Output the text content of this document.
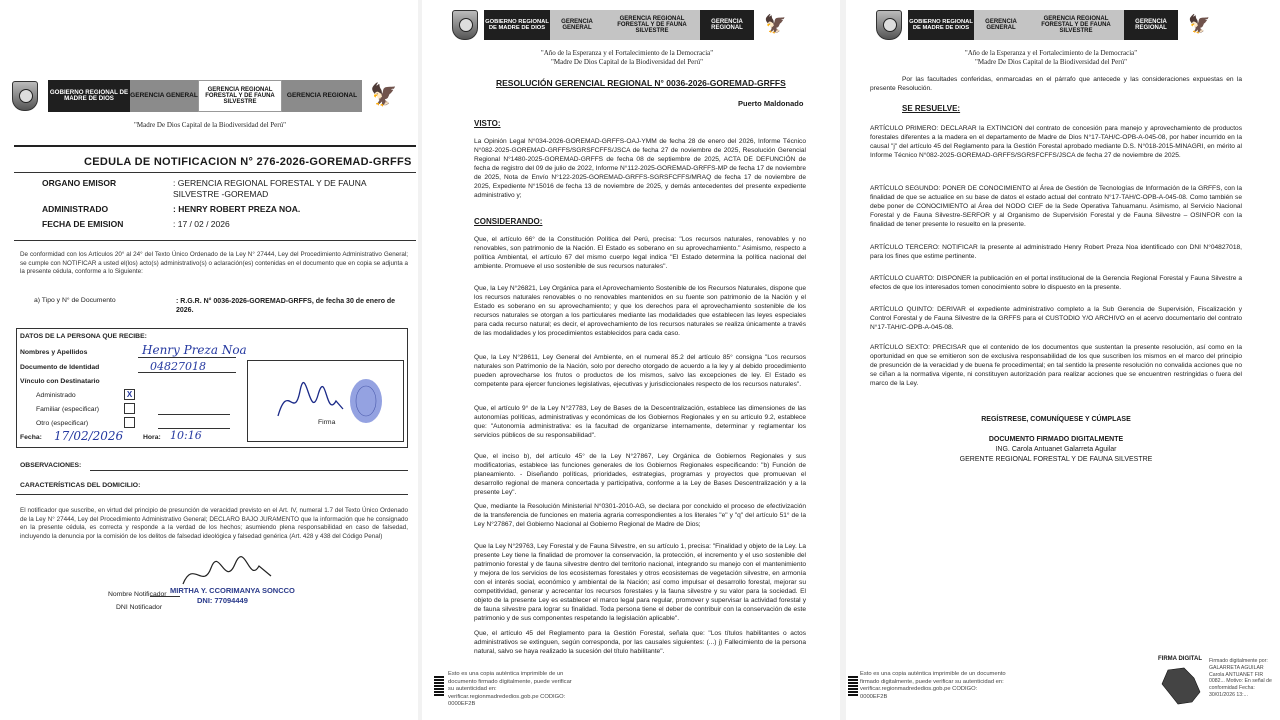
GOBIERNO REGIONAL DE MADRE DE DIOS	GERENCIA GENERAL
GERENCIA REGIONAL FORESTAL Y DE FAUNA SILVESTRE
GERENCIA REGIONAL 🦅
"Madre De Dios Capital de la Biodiversidad del Perú"
CEDULA DE NOTIFICACION N° 276-2026-GOREMAD-GRFFS
ORGANO EMISOR	: GERENCIA REGIONAL FORESTAL Y DE FAUNA SILVESTRE -GOREMAD
ADMINISTRADO	: HENRY ROBERT PREZA NOA.
FECHA DE EMISION	: 17 / 02 / 2026
De conformidad con los Artículos 20° al 24° del Texto Único Ordenado de la Ley N° 27444, Ley del Procedimiento Administrativo General; se cumple con NOTIFICAR a usted el(los) acto(s) administrativo(s) o aclaración(es) contenidas en el documento que en copia se adjunta a la presente cédula, conforme a lo Siguiente:
a) Tipo y N° de Documento	: R.G.R. N° 0036-2026-GOREMAD-GRFFS, de fecha 30 de enero de 2026.
DATOS DE LA PERSONA QUE RECIBE:
Nombres y Apellidos	Henry Preza Noa
Documento de Identidad	04827018
Vínculo con Destinatario
Administrado	X
Familiar (especificar)
Otro (especificar)
Fecha: 17/02/2026	Hora: 10:16
Firma
OBSERVACIONES:
CARACTERÍSTICAS DEL DOMICILIO:
El notificador que suscribe, en virtud del principio de presunción de veracidad previsto en el Art. IV, numeral 1.7 del Texto Único Ordenado de la Ley N° 27444, Ley del Procedimiento Administrativo General; DECLARO BAJO JURAMENTO que la información que he consignado en la presente cédula, es correcta y responde a la verdad de los hechos; asumiendo plena responsabilidad en caso de falsedad, incluyendo la denuncia por la comisión de los delitos de falsedad ideológica y falsedad genérica (Art. 428 y 438 del Código Penal)
Nombre Notificador MIRTHA Y. CCORIMANYA SONCCO
DNI: 77094449
DNI Notificador
GOBIERNO REGIONAL DE MADRE DE DIOS
GERENCIA GENERAL
GERENCIA REGIONAL FORESTAL Y DE FAUNA SILVESTRE
GERENCIA REGIONAL	🦅
"Año de la Esperanza y el Fortalecimiento de la Democracia"
"Madre De Dios Capital de la Biodiversidad del Perú"
RESOLUCIÓN GERENCIAL REGIONAL N° 0036-2026-GOREMAD-GRFFS
Puerto Maldonado
VISTO:
La Opinión Legal N°034-2026-GOREMAD-GRFFS-OAJ-YMM de fecha 28 de enero del 2026, Informe Técnico N°082-2025-GOREMAD-GRFFS/SGRSFCFFS/JSCA de fecha 27 de noviembre de 2025, Resolución Gerencial Regional N°1480-2025-GOREMAD-GRFFS de fecha 08 de septiembre de 2025, ACTA DE DEFUNCIÓN de fecha de registro del 09 de julio de 2022, Informe N°112-2025-GOREMAD-GRFFS-MP de fecha 17 de noviembre de 2025, Nota de Envío N°122-2025-GOREMAD-GRFFS-SGRSFCFFS/MRAQ de fecha 17 de noviembre de 2025, Expediente N°15016 de fecha 13 de noviembre de 2025, y demás antecedentes del presente expediente administrativo y;
CONSIDERANDO:
Que, el artículo 66° de la Constitución Política del Perú, precisa: "Los recursos naturales, renovables y no renovables, son patrimonio de la Nación. El Estado es soberano en su aprovechamiento." Asimismo, respecto a política Ambiental, el artículo 67 del mismo cuerpo legal indica "El Estado determina la política nacional del ambiente. Promueve el uso sostenible de sus recursos naturales".
Que, la Ley N°26821, Ley Orgánica para el Aprovechamiento Sostenible de los Recursos Naturales, dispone que los recursos naturales renovables o no renovables mantenidos en su fuente son patrimonio de la Nación y el Estado es soberano en su aprovechamiento; y que los derechos para el aprovechamiento sostenible de los recursos naturales se otorgan a los particulares mediante las modalidades que establecen las leyes especiales para cada recurso natural; es decir, el aprovechamiento de los recursos naturales se realiza únicamente a través de las modalidades y los procedimientos establecidos para cada caso.
Que, la Ley N°28611, Ley General del Ambiente, en el numeral 85.2 del artículo 85° consigna "Los recursos naturales son Patrimonio de la Nación, solo por derecho otorgado de acuerdo a la ley y al debido procedimiento pueden aprovecharse los frutos o productos de los mismos, salvo las excepciones de ley. El Estado es competente para ejercer funciones legislativas, ejecutivas y jurisdiccionales respecto de los recursos naturales".
Que, el artículo 9° de la Ley N°27783, Ley de Bases de la Descentralización, establece las dimensiones de las autonomías políticas, administrativas y económicas de los Gobiernos Regionales y en su artículo 9.2, establece que: "Autonomía administrativa: es la facultad de organizarse internamente, determinar y reglamentar los servicios públicos de su responsabilidad".
Que, el inciso b), del artículo 45° de la Ley N°27867, Ley Orgánica de Gobiernos Regionales y sus modificatorias, establece las funciones generales de los Gobiernos Regionales especificando: "b) Función de planeamiento. - Diseñando políticas, prioridades, estrategias, programas y proyectos que promuevan el desarrollo regional de manera concertada y participativa, conforme a la Ley de Bases Descentralización y a la presente Ley".
Que, mediante la Resolución Ministerial N°0301-2010-AG, se declara por concluido el proceso de efectivización de la transferencia de funciones en materia agraria correspondientes a los literales "e" y "q" del artículo 51° de la Ley N°27867, del Gobierno Nacional al Gobierno Regional de Madre de Dios;
Que la Ley N°29763, Ley Forestal y de Fauna Silvestre, en su artículo 1, precisa: "Finalidad y objeto de la Ley. La presente Ley tiene la finalidad de promover la conservación, la protección, el incremento y el uso sostenible del patrimonio forestal y de fauna silvestre dentro del territorio nacional, integrando su manejo con el mantenimiento y mejora de los servicios de los ecosistemas forestales y otros ecosistemas de vegetación silvestre, en armonía con el interés social, económico y ambiental de la Nación; así como impulsar el desarrollo forestal, mejorar su competitividad, generar y acrecentar los recursos forestales y la fauna silvestre y su valor para la sociedad. El objeto de la presente Ley es establecer el marco legal para regular, promover y supervisar la actividad forestal y de fauna silvestre para lograr su finalidad. Toda persona tiene el deber de contribuir con la conservación de este patrimonio y de sus componentes respetando la legislación aplicable".
Que, el artículo 45 del Reglamento para la Gestión Forestal, señala que: "Los títulos habilitantes o actos administrativos se extinguen, según corresponda, por las causales siguientes: (...) j) Fallecimiento de la persona natural, salvo se haya realizado la sucesión del título habilitante".
Esto es una copia auténtica imprimible de un documento firmado digitalmente, puede verificar su autenticidad en: verificar.regionmadrededios.gob.pe CODIGO: 0000EF2B
GOBIERNO REGIONAL DE MADRE DE DIOS
GERENCIA GENERAL
GERENCIA REGIONAL FORESTAL Y DE FAUNA SILVESTRE
GERENCIA REGIONAL	🦅
"Año de la Esperanza y el Fortalecimiento de la Democracia"
"Madre De Dios Capital de la Biodiversidad del Perú"
Por las facultades conferidas, enmarcadas en el párrafo que antecede y las consideraciones expuestas en la presente Resolución.
SE RESUELVE:
ARTÍCULO PRIMERO: DECLARAR la EXTINCION del contrato de concesión para manejo y aprovechamiento de productos forestales diferentes a la madera en el departamento de Madre de Dios N°17-TAH/C-OPB-A-045-08, por haber incurrido en la causal "j" del artículo 45 del Reglamento para la Gestión Forestal aprobado mediante D.S. N°018-2015-MINAGRI, en mérito al Informe Técnico N°082-2025-GOREMAD-GRFFS/SGRSFCFFS/JSCA de fecha 27 de noviembre de 2025.
ARTÍCULO SEGUNDO: PONER DE CONOCIMIENTO al Área de Gestión de Tecnologías de Información de la GRFFS, con la finalidad de que se actualice en su base de datos el estado actual del contrato N°17-TAH/C-OPB-A-045-08. Como también se debe poner de CONOCIMIENTO al Área del NODO CIEF de la Sede Operativa Tahuamanu. Asimismo, al Servicio Nacional Forestal y de Fauna Silvestre-SERFOR y al Organismo de Supervisión Forestal y de Fauna Silvestre – OSINFOR con la finalidad de tener presente lo resuelto en la presente.
ARTÍCULO TERCERO: NOTIFICAR la presente al administrado Henry Robert Preza Noa identificado con DNI N°04827018, para los fines que estime pertinente.
ARTÍCULO CUARTO: DISPONER la publicación en el portal institucional de la Gerencia Regional Forestal y Fauna Silvestre a efectos de que los interesados tomen conocimiento sobre lo dispuesto en la presente.
ARTÍCULO QUINTO: DERIVAR el expediente administrativo completo a la Sub Gerencia de Supervisión, Fiscalización y Control Forestal y de Fauna Silvestre de la GRFFS para el CUSTODIO Y/O ARCHIVO en el acervo documentario del contrato N°17-TAH/C-OPB-A-045-08.
ARTÍCULO SEXTO: PRECISAR que el contenido de los documentos que sustentan la presente resolución, así como en la oportunidad en que se emitieron son de exclusiva responsabilidad de los que suscriben los mismos en el marco del principio de presunción de la veracidad y de buena fe procedimental; en tal sentido la presente resolución no convalida acciones que no se ciñan a la normativa vigente, ni constituyen autorización para realizar acciones que se encuentren restringidas o fuera del marco de la Ley.
REGÍSTRESE, COMUNÍQUESE Y CÚMPLASE
DOCUMENTO FIRMADO DIGITALMENTE
ING. Carola Antuanet Galarreta Aguilar
GERENTE REGIONAL FORESTAL Y DE FAUNA SILVESTRE
Esto es una copia auténtica imprimible de un documento firmado digitalmente, puede verificar su autenticidad en: verificar.regionmadrededios.gob.pe CODIGO: 0000EF2B
FIRMA DIGITAL Firmado digitalmente por: GALARRETA AGUILAR Carola ANTUANET FIR 0082... Motivo: En señal de conformidad Fecha: 30/01/2026 13:...
